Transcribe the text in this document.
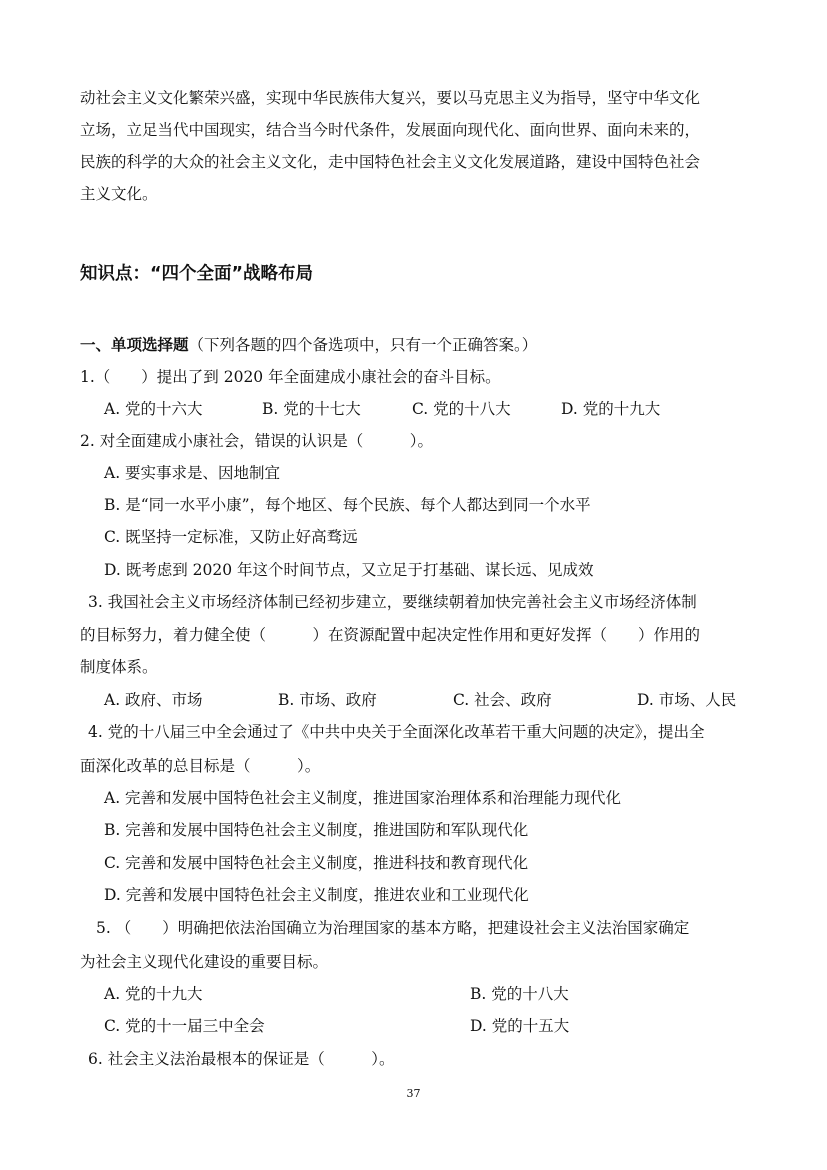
动社会主义文化繁荣兴盛，实现中华民族伟大复兴，要以马克思主义为指导，坚守中华文化
立场，立足当代中国现实，结合当今时代条件，发展面向现代化、面向世界、面向未来的，
民族的科学的大众的社会主义文化，走中国特色社会主义文化发展道路，建设中国特色社会
主义文化。
知识点：“四个全面”战略布局
一、单项选择题（下列各题的四个备选项中，只有一个正确答案。）
1.（　　）提出了到 2020 年全面建成小康社会的奋斗目标。
A. 党的十六大	B. 党的十七大	C. 党的十八大	D. 党的十九大
2. 对全面建成小康社会，错误的认识是（　　　）。
A. 要实事求是、因地制宜
B. 是“同一水平小康”，每个地区、每个民族、每个人都达到同一个水平
C. 既坚持一定标准，又防止好高骛远
D. 既考虑到 2020 年这个时间节点，又立足于打基础、谋长远、见成效
3. 我国社会主义市场经济体制已经初步建立，要继续朝着加快完善社会主义市场经济体制
的目标努力，着力健全使（　　　）在资源配置中起决定性作用和更好发挥（　　）作用的
制度体系。
A. 政府、市场	B. 市场、政府	C. 社会、政府	D. 市场、人民
4. 党的十八届三中全会通过了《中共中央关于全面深化改革若干重大问题的决定》，提出全
面深化改革的总目标是（　　　）。
A. 完善和发展中国特色社会主义制度，推进国家治理体系和治理能力现代化
B. 完善和发展中国特色社会主义制度，推进国防和军队现代化
C. 完善和发展中国特色社会主义制度，推进科技和教育现代化
D. 完善和发展中国特色社会主义制度，推进农业和工业现代化
5. （　　）明确把依法治国确立为治理国家的基本方略，把建设社会主义法治国家确定
为社会主义现代化建设的重要目标。
A. 党的十九大	B. 党的十八大
C. 党的十一届三中全会	D. 党的十五大
6. 社会主义法治最根本的保证是（　　　）。
37
